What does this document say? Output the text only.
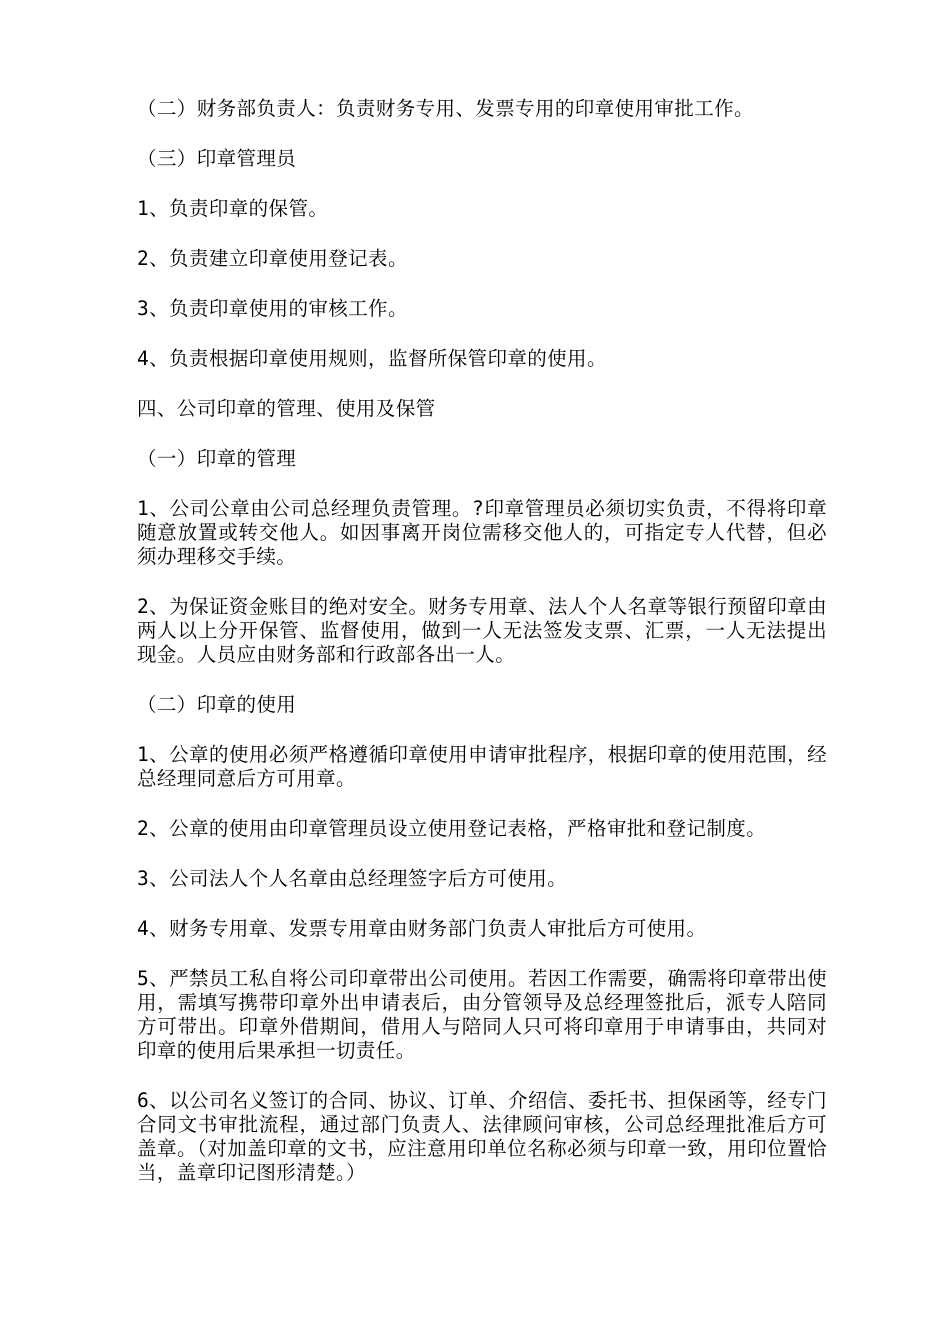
（二）财务部负责人：负责财务专用、发票专用的印章使用审批工作。

（三）印章管理员

1、负责印章的保管。

2、负责建立印章使用登记表。

3、负责印章使用的审核工作。

4、负责根据印章使用规则，监督所保管印章的使用。

四、公司印章的管理、使用及保管

（一）印章的管理

1、公司公章由公司总经理负责管理。?印章管理员必须切实负责，不得将印章随意放置或转交他人。如因事离开岗位需移交他人的，可指定专人代替，但必须办理移交手续。

2、为保证资金账目的绝对安全。财务专用章、法人个人名章等银行预留印章由两人以上分开保管、监督使用，做到一人无法签发支票、汇票，一人无法提出现金。人员应由财务部和行政部各出一人。

（二）印章的使用

1、公章的使用必须严格遵循印章使用申请审批程序，根据印章的使用范围，经总经理同意后方可用章。

2、公章的使用由印章管理员设立使用登记表格，严格审批和登记制度。

3、公司法人个人名章由总经理签字后方可使用。

4、财务专用章、发票专用章由财务部门负责人审批后方可使用。

5、严禁员工私自将公司印章带出公司使用。若因工作需要，确需将印章带出使用，需填写携带印章外出申请表后，由分管领导及总经理签批后，派专人陪同方可带出。印章外借期间，借用人与陪同人只可将印章用于申请事由，共同对印章的使用后果承担一切责任。

6、以公司名义签订的合同、协议、订单、介绍信、委托书、担保函等，经专门合同文书审批流程，通过部门负责人、法律顾问审核，公司总经理批准后方可盖章。（对加盖印章的文书，应注意用印单位名称必须与印章一致，用印位置恰当，盖章印记图形清楚。）
